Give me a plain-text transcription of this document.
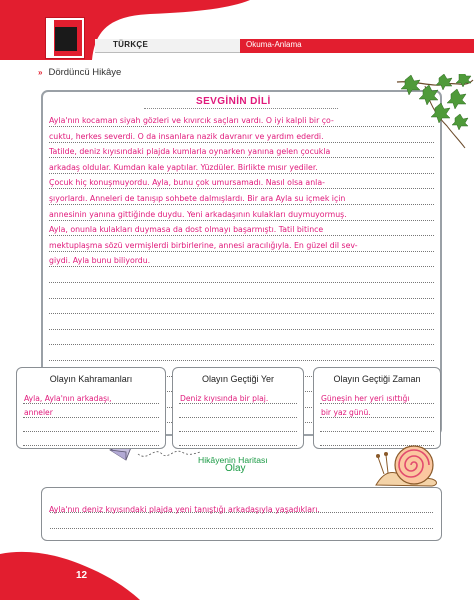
TÜRKÇE	Okuma-Anlama
» Dördüncü Hikâye
SEVGİNİN DİLİ
Ayla'nın kocaman siyah gözleri ve kıvırcık saçları vardı. O iyi kalpli bir ço-
cuktu, herkes severdi. O da insanlara nazik davranır ve yardım ederdi.
Tatilde, deniz kıyısındaki plajda kumlarla oynarken yanına gelen çocukla
arkadaş oldular. Kumdan kale yaptılar. Yüzdüler. Birlikte mısır yediler.
Çocuk hiç konuşmuyordu. Ayla, bunu çok umursamadı. Nasıl olsa anla-
şıyorlardı. Anneleri de tanışıp sohbete dalmışlardı. Bir ara Ayla su içmek için
annesinin yanına gittiğinde duydu. Yeni arkadaşının kulakları duymuyormuş.
Ayla, onunla kulakları duymasa da dost olmayı başarmıştı. Tatil bitince
mektuplaşma sözü vermişlerdi birbirlerine, annesi aracılığıyla. En güzel dil sev-
giydi. Ayla bunu biliyordu.
Hikâyenin Haritası
Olayın Kahramanları
Ayla, Ayla'nın arkadaşı,
anneler
Olayın Geçtiği Yer
Deniz kıyısında bir plaj.
Olayın Geçtiği Zaman
Güneşin her yeri ısıttığı
bir yaz günü.
Olay
Ayla'nın deniz kıyısındaki plajda yeni tanıştığı arkadaşıyla yaşadıkları.
12
